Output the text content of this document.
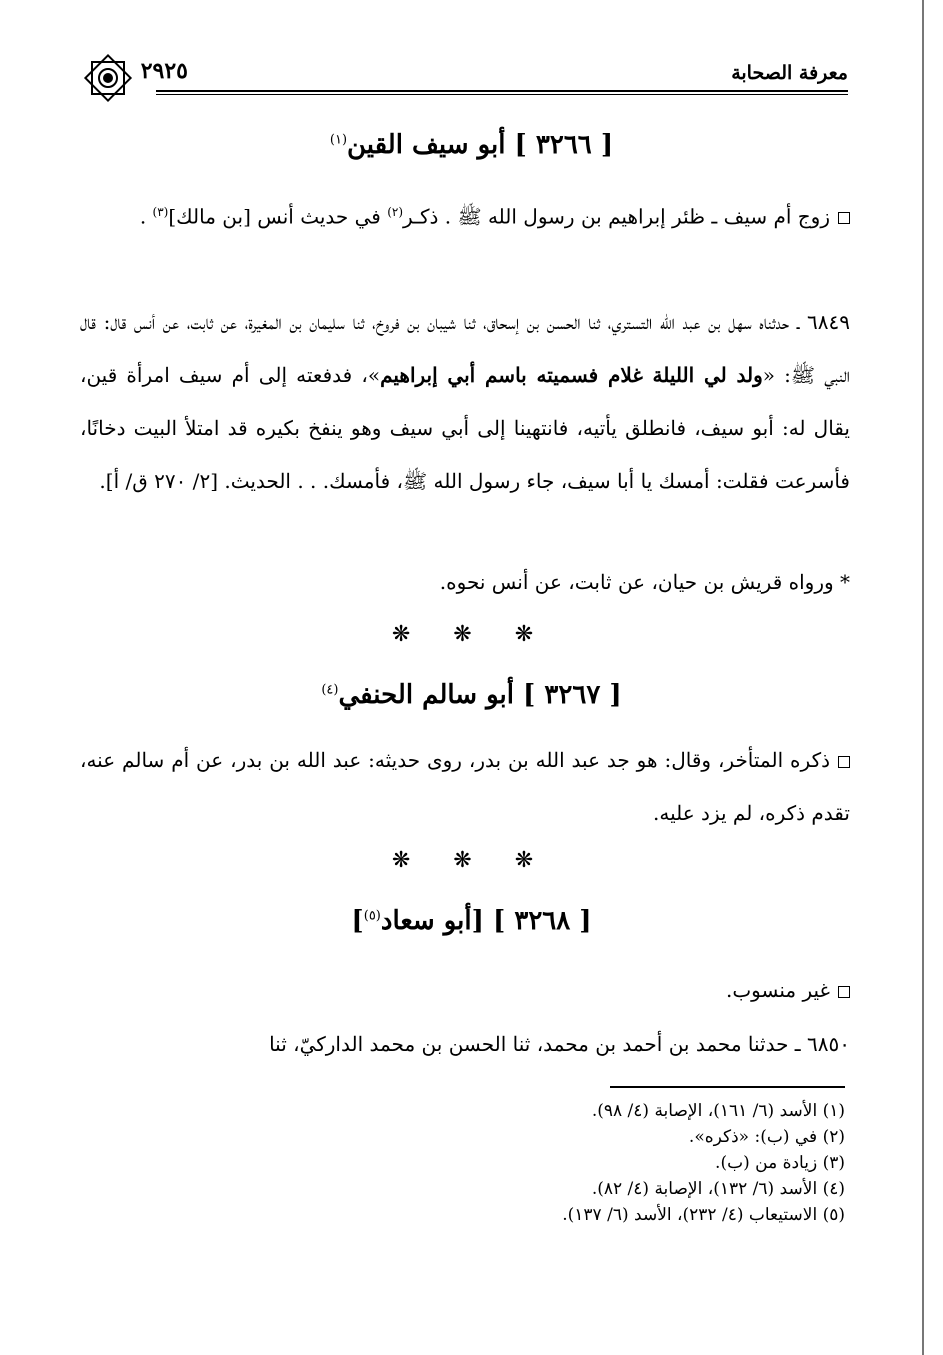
٢٩٢٥	معرفة الصحابة
[ ٣٢٦٦ ] أبو سيف القين$^{(١)}$
زوج أم سيف ـ ظئر إبراهيم بن رسول الله ﷺ . ذكـر$^{(٢)}$ في حديث أنس [بن مالك]$^{(٣)}$ .
٦٨٤٩ ـ حدثناه سهل بن عبد الله التستري، ثنا الحسن بن إسحاق، ثنا شيبان بن فروخ، ثنا سليمان بن المغيرة، عن ثابت، عن أنس قال: قال النبي ﷺ: «ولد لي الليلة غلام فسميته باسم أبي إبراهيم»، فدفعته إلى أم سيف امرأة قين، يقال له: أبو سيف، فانطلق يأتيه، فانتهينا إلى أبي سيف وهو ينفخ بكيره قد امتلأ البيت دخانًا، فأسرعت فقلت: أمسك يا أبا سيف، جاء رسول الله ﷺ، فأمسك. . . الحديث. [٢/ ٢٧٠ ق/ أ].
* ورواه قريش بن حيان، عن ثابت، عن أنس نحوه.
❋ ❋ ❋
[ ٣٢٦٧ ] أبو سالم الحنفي$^{(٤)}$
ذكره المتأخر، وقال: هو جد عبد الله بن بدر، روى حديثه: عبد الله بن بدر، عن أم سالم عنه، تقدم ذكره، لم يزد عليه.
❋ ❋ ❋
[ ٣٢٦٨ ] [أبو سعاد$^{(٥)}$]
غير منسوب.
٦٨٥٠ ـ حدثنا محمد بن أحمد بن محمد، ثنا الحسن بن محمد الداركيّ، ثنا
(١) الأسد (٦/ ١٦١)، الإصابة (٤/ ٩٨).
(٢) في (ب): «ذكره».
(٣) زيادة من (ب).
(٤) الأسد (٦/ ١٣٢)، الإصابة (٤/ ٨٢).
(٥) الاستيعاب (٤/ ٢٣٢)، الأسد (٦/ ١٣٧).
